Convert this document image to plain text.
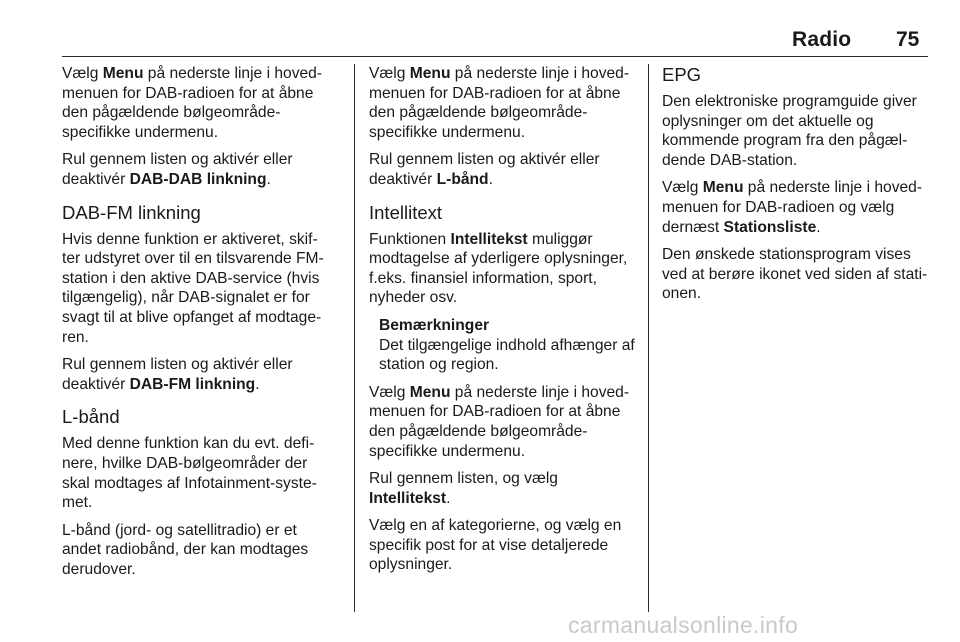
Radio 75

Vælg Menu på nederste linje i hoved-menuen for DAB-radioen for at åbne den pågældende bølgeområde-specifikke undermenu.

Rul gennem listen og aktivér eller deaktivér DAB-DAB linkning.

DAB-FM linkning

Hvis denne funktion er aktiveret, skif-ter udstyret over til en tilsvarende FM-station i den aktive DAB-service (hvis tilgængelig), når DAB-signalet er for svagt til at blive opfanget af modtage-ren.

Rul gennem listen og aktivér eller deaktivér DAB-FM linkning.

L-bånd

Med denne funktion kan du evt. defi-nere, hvilke DAB-bølgeområder der skal modtages af Infotainment-syste-met.

L-bånd (jord- og satellitradio) er et andet radiobånd, der kan modtages derudover.

Vælg Menu på nederste linje i hoved-menuen for DAB-radioen for at åbne den pågældende bølgeområde-specifikke undermenu.

Rul gennem listen og aktivér eller deaktivér L-bånd.

Intellitext

Funktionen Intellitekst muliggør modtagelse af yderligere oplysninger, f.eks. finansiel information, sport, nyheder osv.

Bemærkninger
Det tilgængelige indhold afhænger af station og region.

Vælg Menu på nederste linje i hoved-menuen for DAB-radioen for at åbne den pågældende bølgeområde-specifikke undermenu.

Rul gennem listen, og vælg Intellitekst.

Vælg en af kategorierne, og vælg en specifik post for at vise detaljerede oplysninger.

EPG

Den elektroniske programguide giver oplysninger om det aktuelle og kommende program fra den pågæl-dende DAB-station.

Vælg Menu på nederste linje i hoved-menuen for DAB-radioen og vælg dernæst Stationsliste.

Den ønskede stationsprogram vises ved at berøre ikonet ved siden af stati-onen.

carmanualsonline.info
